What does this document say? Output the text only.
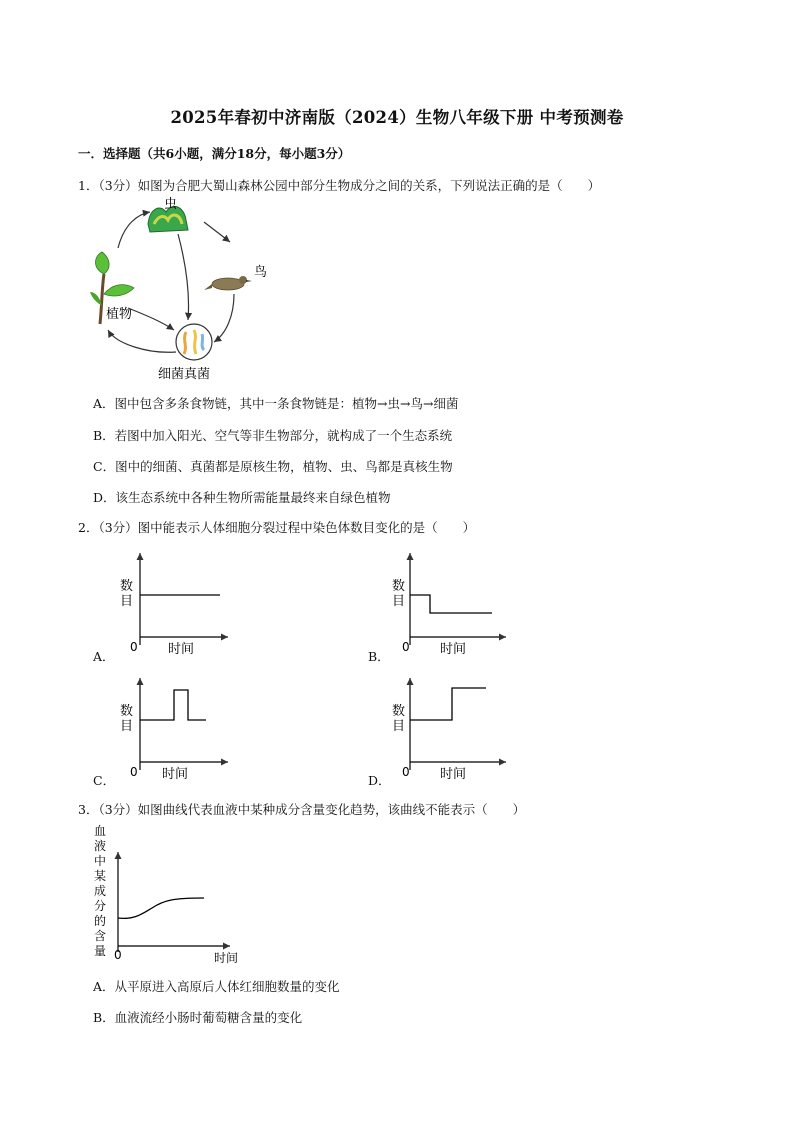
2025年春初中济南版（2024）生物八年级下册 中考预测卷
一．选择题（共6小题，满分18分，每小题3分）
1．（3分）如图为合肥大蜀山森林公园中部分生物成分之间的关系，下列说法正确的是（　　）
虫
鸟
植物
细菌真菌
A．图中包含多条食物链，其中一条食物链是：植物→虫→鸟→细菌
B．若图中加入阳光、空气等非生物部分，就构成了一个生态系统
C．图中的细菌、真菌都是原核生物，植物、虫、鸟都是真核生物
D．该生态系统中各种生物所需能量最终来自绿色植物
2．（3分）图中能表示人体细胞分裂过程中染色体数目变化的是（　　）
A．
数
目
0 时间	B．
数
目
0 时间
C．
数
目
0 时间	D．
数
目
0 时间
3．（3分）如图曲线代表血液中某种成分含量变化趋势，该曲线不能表示（　　）
血
液
中
某
成
分
的
含
量 0	时间
A．从平原进入高原后人体红细胞数量的变化
B．血液流经小肠时葡萄糖含量的变化
